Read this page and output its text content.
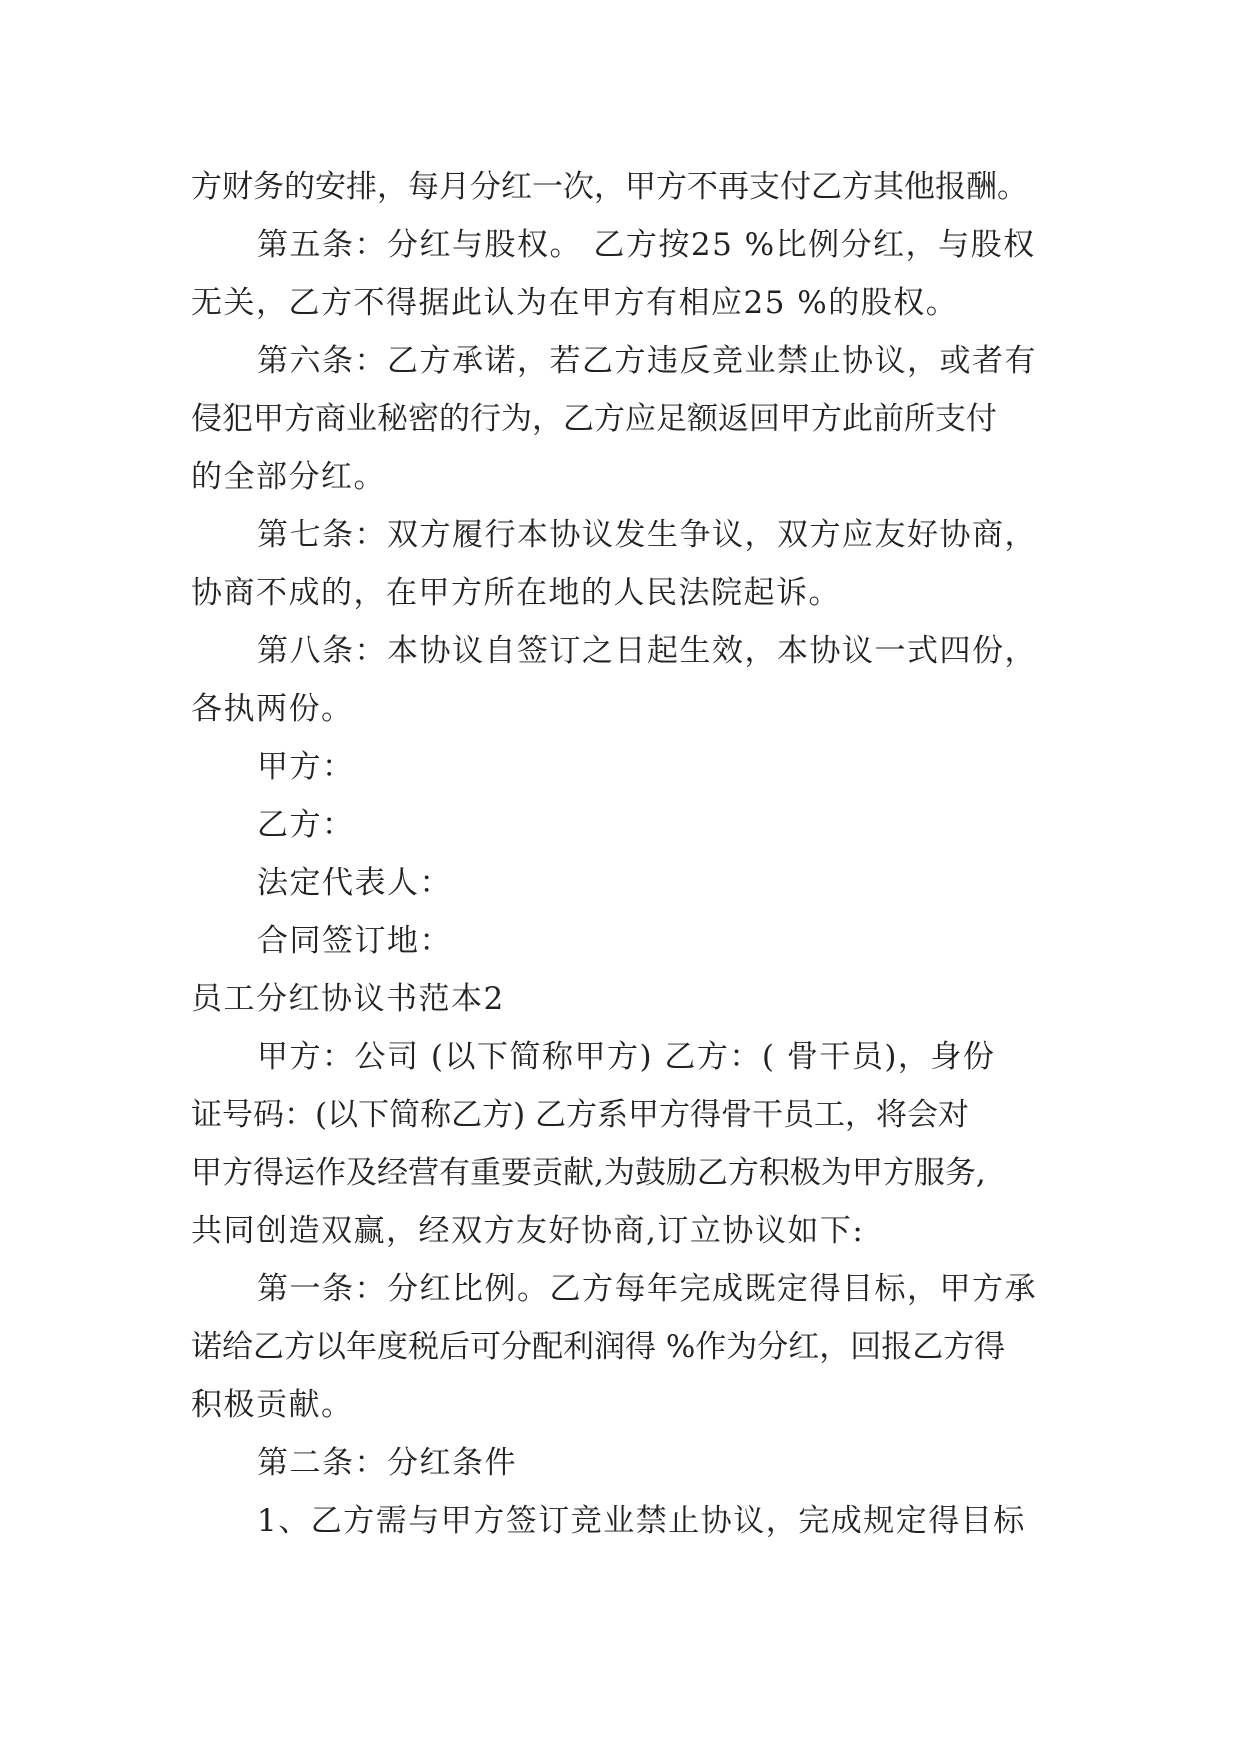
方财务的安排，每月分红一次，甲方不再支付乙方其他报酬。
第五条：分红与股权。 乙方按25 %比例分红，与股权
无关，乙方不得据此认为在甲方有相应25 %的股权。
第六条：乙方承诺，若乙方违反竞业禁止协议，或者有
侵犯甲方商业秘密的行为，乙方应足额返回甲方此前所支付
的全部分红。
第七条：双方履行本协议发生争议，双方应友好协商，
协商不成的，在甲方所在地的人民法院起诉。
第八条：本协议自签订之日起生效，本协议一式四份，
各执两份。
甲方：
乙方：
法定代表人：
合同签订地：
员工分红协议书范本2
甲方：公司 (以下简称甲方) 乙方：( 骨干员)，身份
证号码：(以下简称乙方) 乙方系甲方得骨干员工，将会对
甲方得运作及经营有重要贡献,为鼓励乙方积极为甲方服务,
共同创造双赢，经双方友好协商,订立协议如下:
第一条：分红比例。乙方每年完成既定得目标，甲方承
诺给乙方以年度税后可分配利润得 %作为分红，回报乙方得
积极贡献。
第二条：分红条件
1、乙方需与甲方签订竞业禁止协议，完成规定得目标
